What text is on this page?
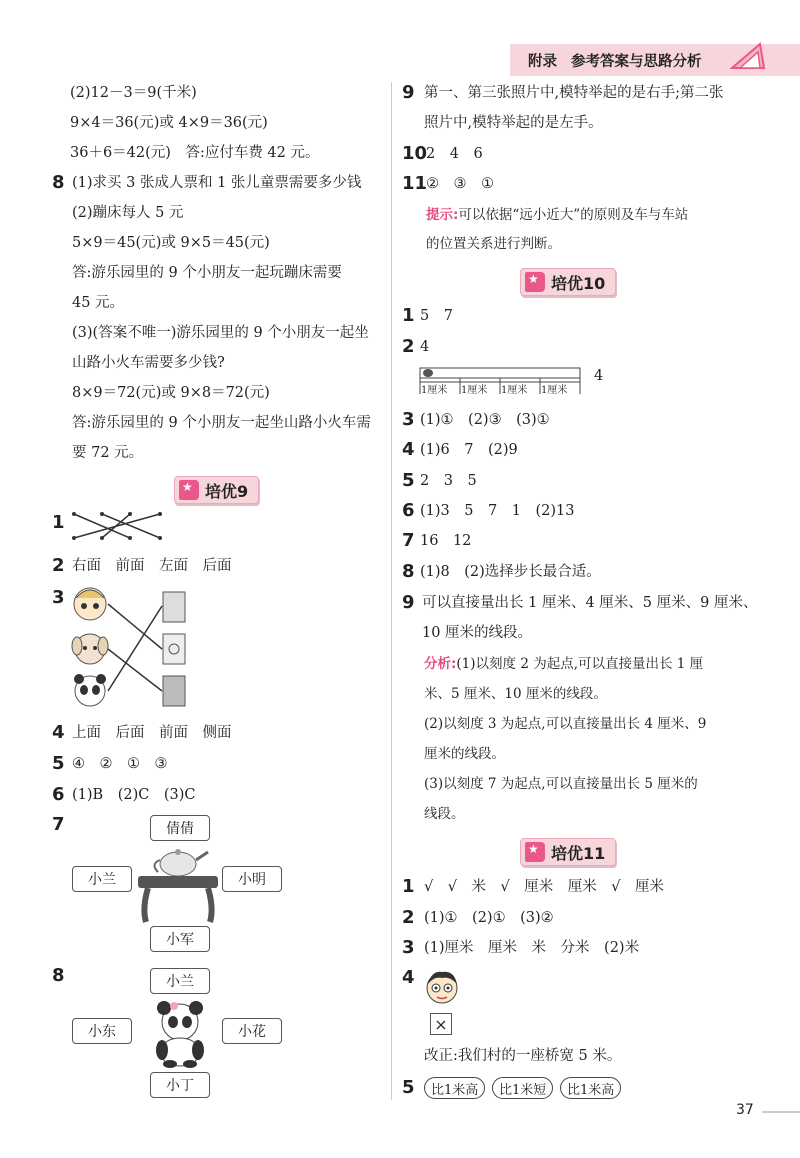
附录 参考答案与思路分析
(2)12－3＝9(千米)
9×4＝36(元)或 4×9＝36(元)
36＋6＝42(元)　答:应付车费 42 元。
8 (1)求买 3 张成人票和 1 张儿童票需要多少钱
(2)蹦床每人 5 元
5×9＝45(元)或 9×5＝45(元)
答:游乐园里的 9 个小朋友一起玩蹦床需要
45 元。
(3)(答案不唯一)游乐园里的 9 个小朋友一起坐
山路小火车需要多少钱?
8×9＝72(元)或 9×8＝72(元)
答:游乐园里的 9 个小朋友一起坐山路小火车需
要 72 元。
★
培优9
1
2 右面　前面　左面　后面
3
4 上面　后面　前面　侧面
5 ④　②　①　③
6 (1)B　(2)C　(3)C
7	倩倩
小兰	小明
小军
8	小兰
小东	小花
小丁
9 第一、第三张照片中,模特举起的是右手;第二张
照片中,模特举起的是左手。
10
2　4　6
11
②　③　①
提示:可以依据“远小近大”的原则及车与车站
的位置关系进行判断。
★
培优10
1 5　7
2 4
1厘米 1厘米 1厘米 1厘米
4
3 (1)①　(2)③　(3)①
4 (1)6　7　(2)9
5 2　3　5
6 (1)3　5　7　1　(2)13
7 16　12
8 (1)8　(2)选择步长最合适。
9 可以直接量出长 1 厘米、4 厘米、5 厘米、9 厘米、
10 厘米的线段。
分析:(1)以刻度 2 为起点,可以直接量出长 1 厘
米、5 厘米、10 厘米的线段。
(2)以刻度 3 为起点,可以直接量出长 4 厘米、9
厘米的线段。
(3)以刻度 7 为起点,可以直接量出长 5 厘米的
线段。
★
培优11
1 √　√　米　√　厘米　厘米　√　厘米
2 (1)①　(2)①　(3)②
3 (1)厘米　厘米　米　分米　(2)米
4
×
改正:我们村的一座桥宽 5 米。
5	比1米高	比1米短	比1米高
37
